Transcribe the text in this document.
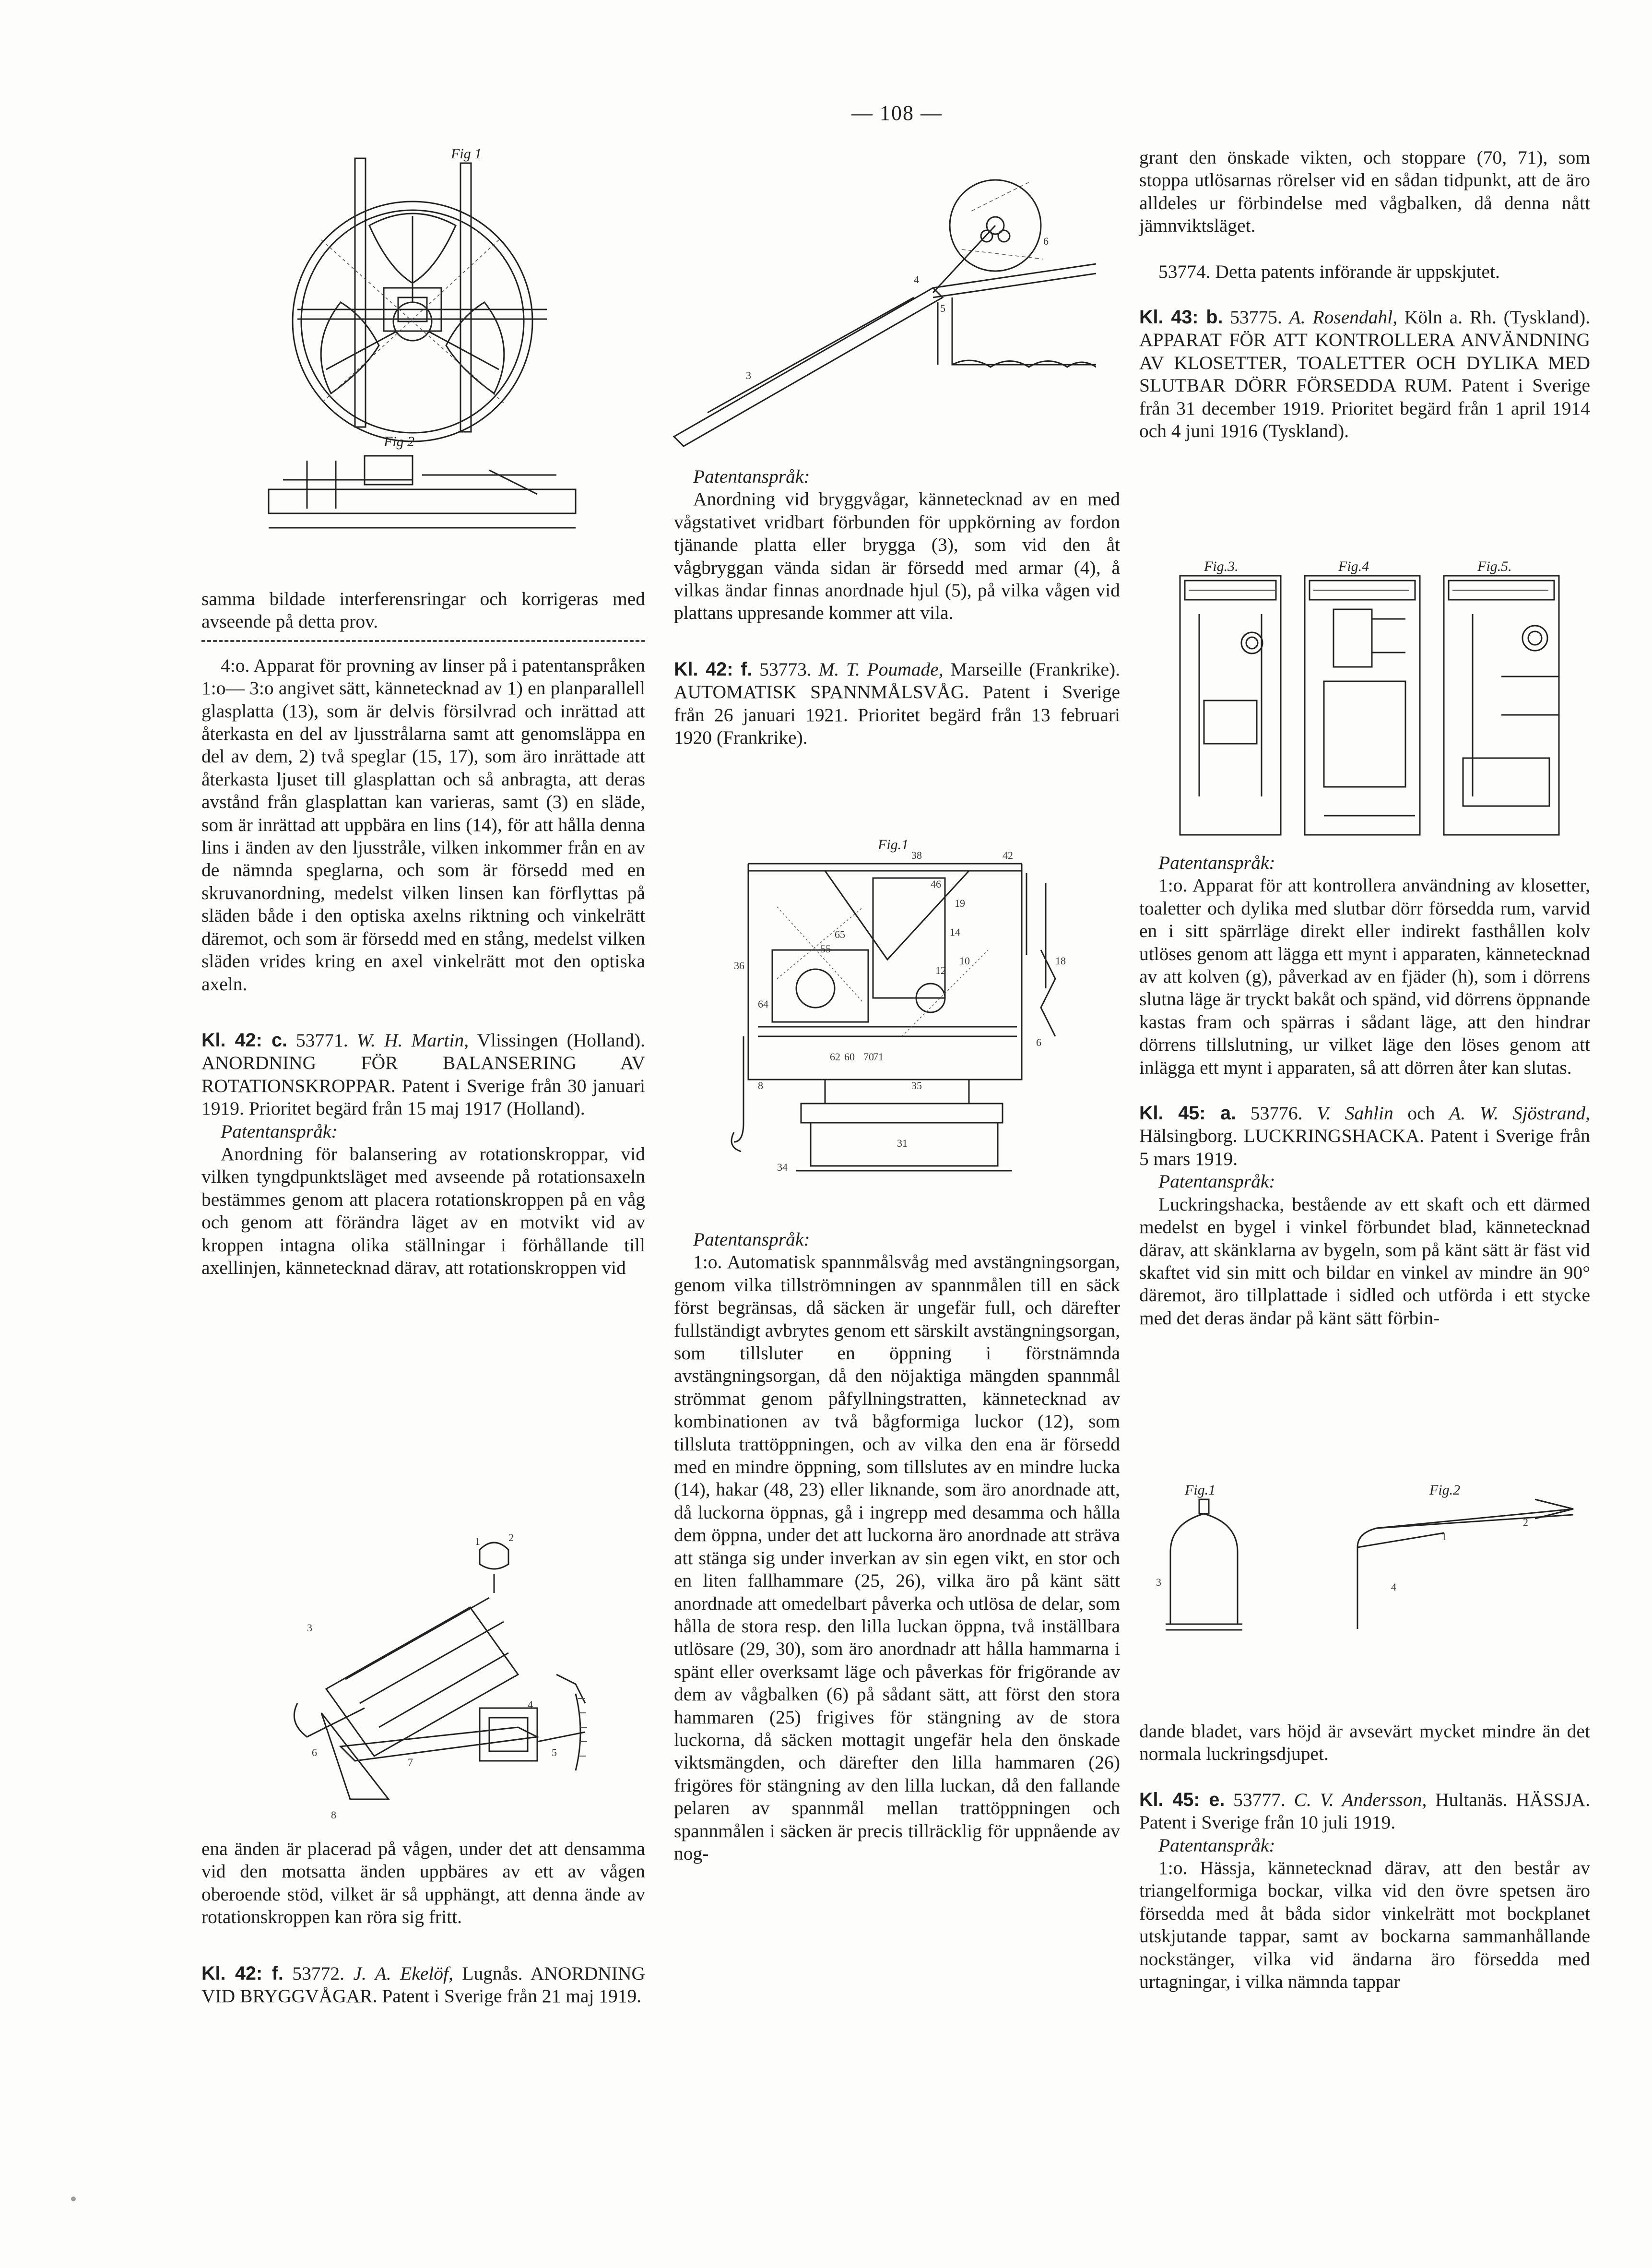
— 108 —
Fig 1
Fig 2

samma bildade interferensringar och korrigeras med avseende på detta prov.

4:o. Apparat för provning av linser på i patentanspråken 1:o— 3:o angivet sätt, kännetecknad av 1) en planparallell glasplatta (13), som är delvis försilvrad och inrättad att återkasta en del av ljusstrålarna samt att genomsläppa en del av dem, 2) två speglar (15, 17), som äro inrättade att återkasta ljuset till glasplattan och så anbragta, att deras avstånd från glasplattan kan varieras, samt (3) en släde, som är inrättad att uppbära en lins (14), för att hålla denna lins i änden av den ljusstråle, vilken inkommer från en av de nämnda speglarna, och som är försedd med en skruvanordning, medelst vilken linsen kan förflyttas på släden både i den optiska axelns riktning och vinkelrätt däremot, och som är försedd med en stång, medelst vilken släden vrides kring en axel vinkelrätt mot den optiska axeln.

Kl. 42: c. 53771. W. H. Martin, Vlissingen (Holland). ANORDNING FÖR BALANSERING AV ROTATIONSKROPPAR. Patent i Sverige från 30 januari 1919. Prioritet begärd från 15 maj 1917 (Holland).

Patentanspråk:

Anordning för balansering av rotationskroppar, vid vilken tyngdpunktsläget med avseende på rotationsaxeln bestämmes genom att placera rotationskroppen på en våg och genom att förändra läget av en motvikt vid av kroppen intagna olika ställningar i förhållande till axellinjen, kännetecknad därav, att rotationskroppen vid

1	2
3
4
5
6
7
8

ena änden är placerad på vågen, under det att densamma vid den motsatta änden uppbäres av ett av vågen oberoende stöd, vilket är så upphängt, att denna ände av rotationskroppen kan röra sig fritt.

Kl. 42: f. 53772. J. A. Ekelöf, Lugnås. ANORDNING VID BRYGGVÅGAR. Patent i Sverige från 21 maj 1919.

3
4
5
6

Patentanspråk:

Anordning vid bryggvågar, kännetecknad av en med vågstativet vridbart förbunden för uppkörning av fordon tjänande platta eller brygga (3), som vid den åt vågbryggan vända sidan är försedd med armar (4), å vilkas ändar finnas anordnade hjul (5), på vilka vågen vid plattans uppresande kommer att vila.

Kl. 42: f. 53773. M. T. Poumade, Marseille (Frankrike). AUTOMATISK SPANNMÅLSVÅG. Patent i Sverige från 26 januari 1921. Prioritet begärd från 13 februari 1920 (Frankrike).

Fig.1
38	42
46
19
65
55
36
64
62 60 70
71
35
31
34
18
8
14
10
12
6

Patentanspråk:

1:o. Automatisk spannmålsvåg med avstängningsorgan, genom vilka tillströmningen av spannmålen till en säck först begränsas, då säcken är ungefär full, och därefter fullständigt avbrytes genom ett särskilt avstängningsorgan, som tillsluter en öppning i förstnämnda avstängningsorgan, då den nöjaktiga mängden spannmål strömmat genom påfyllningstratten, kännetecknad av kombinationen av två bågformiga luckor (12), som tillsluta trattöppningen, och av vilka den ena är försedd med en mindre öppning, som tillslutes av en mindre lucka (14), hakar (48, 23) eller liknande, som äro anordnade att, då luckorna öppnas, gå i ingrepp med desamma och hålla dem öppna, under det att luckorna äro anordnade att sträva att stänga sig under inverkan av sin egen vikt, en stor och en liten fallhammare (25, 26), vilka äro på känt sätt anordnade att omedelbart påverka och utlösa de delar, som hålla de stora resp. den lilla luckan öppna, två inställbara utlösare (29, 30), som äro anordnadr att hålla hammarna i spänt eller overksamt läge och påverkas för frigörande av dem av vågbalken (6) på sådant sätt, att först den stora hammaren (25) frigives för stängning av de stora luckorna, då säcken mottagit ungefär hela den önskade viktsmängden, och därefter den lilla hammaren (26) frigöres för stängning av den lilla luckan, då den fallande pelaren av spannmål mellan trattöppningen och spannmålen i säcken är precis tillräcklig för uppnående av nog-

grant den önskade vikten, och stoppare (70, 71), som stoppa utlösarnas rörelser vid en sådan tidpunkt, att de äro alldeles ur förbindelse med vågbalken, då denna nått jämnviktsläget.

53774. Detta patents införande är uppskjutet.

Kl. 43: b. 53775. A. Rosendahl, Köln a. Rh. (Tyskland). APPARAT FÖR ATT KONTROLLERA ANVÄNDNING AV KLOSETTER, TOALETTER OCH DYLIKA MED SLUTBAR DÖRR FÖRSEDDA RUM. Patent i Sverige från 31 december 1919. Prioritet begärd från 1 april 1914 och 4 juni 1916 (Tyskland).

Fig.3.	Fig.4	Fig.5.

Patentanspråk:

1:o. Apparat för att kontrollera användning av klosetter, toaletter och dylika med slutbar dörr försedda rum, varvid en i sitt spärrläge direkt eller indirekt fasthållen kolv utlöses genom att lägga ett mynt i apparaten, kännetecknad av att kolven (g), påverkad av en fjäder (h), som i dörrens slutna läge är tryckt bakåt och spänd, vid dörrens öppnande kastas fram och spärras i sådant läge, att den hindrar dörrens tillslutning, ur vilket läge den löses genom att inlägga ett mynt i apparaten, så att dörren åter kan slutas.

Kl. 45: a. 53776. V. Sahlin och A. W. Sjöstrand, Hälsingborg. LUCKRINGSHACKA. Patent i Sverige från 5 mars 1919.

Patentanspråk:

Luckringshacka, bestående av ett skaft och ett därmed medelst en bygel i vinkel förbundet blad, kännetecknad därav, att skänklarna av bygeln, som på känt sätt är fäst vid skaftet vid sin mitt och bildar en vinkel av mindre än 90° däremot, äro tillplattade i sidled och utförda i ett stycke med det deras ändar på känt sätt förbin-

Fig.1	Fig.2
1
2
3	4

dande bladet, vars höjd är avsevärt mycket mindre än det normala luckringsdjupet.

Kl. 45: e. 53777. C. V. Andersson, Hultanäs. HÄSSJA. Patent i Sverige från 10 juli 1919.

Patentanspråk:

1:o. Hässja, kännetecknad därav, att den består av triangelformiga bockar, vilka vid den övre spetsen äro försedda med åt båda sidor vinkelrätt mot bockplanet utskjutande tappar, samt av bockarna sammanhållande nockstänger, vilka vid ändarna äro försedda med urtagningar, i vilka nämnda tappar
